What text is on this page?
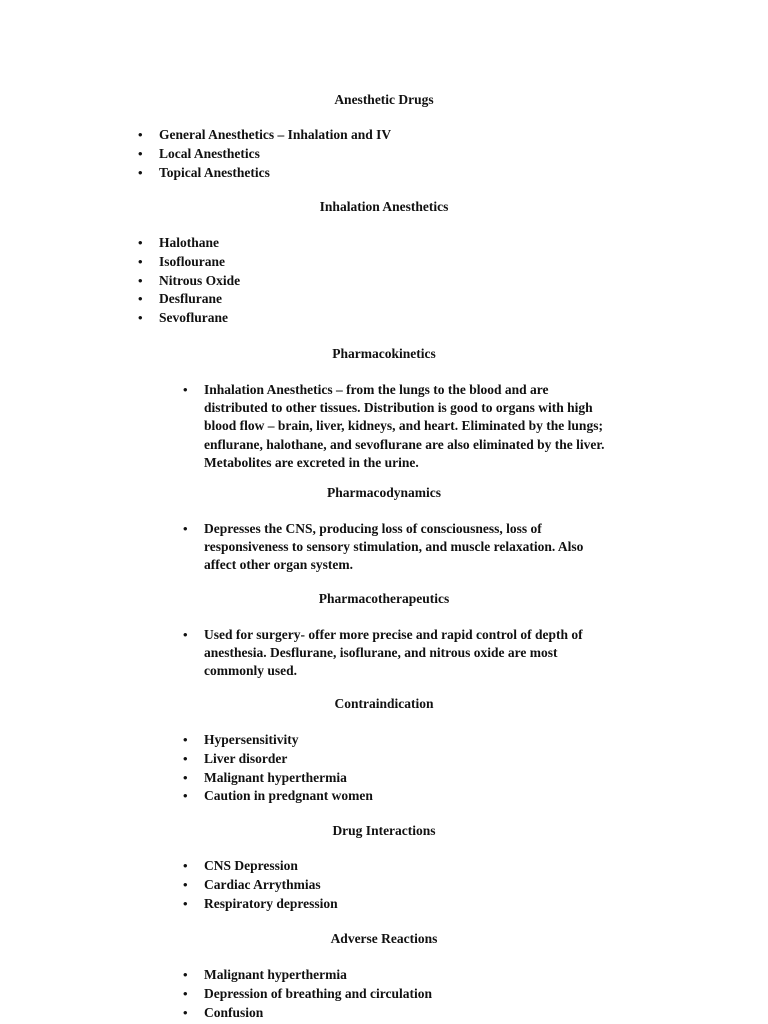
Anesthetic Drugs
• General Anesthetics – Inhalation and IV
• Local Anesthetics
• Topical Anesthetics
Inhalation Anesthetics
• Halothane
• Isoflourane
• Nitrous Oxide
• Desflurane
• Sevoflurane
Pharmacokinetics
• Inhalation Anesthetics – from the lungs to the blood and are
distributed to other tissues. Distribution is good to organs with high
blood flow – brain, liver, kidneys, and heart. Eliminated by the lungs;
enflurane, halothane, and sevoflurane are also eliminated by the liver.
Metabolites are excreted in the urine.
Pharmacodynamics
• Depresses the CNS, producing loss of consciousness, loss of
responsiveness to sensory stimulation, and muscle relaxation. Also
affect other organ system.
Pharmacotherapeutics
• Used for surgery- offer more precise and rapid control of depth of
anesthesia. Desflurane, isoflurane, and nitrous oxide are most
commonly used.
Contraindication
• Hypersensitivity
• Liver disorder
• Malignant hyperthermia
• Caution in predgnant women
Drug Interactions
• CNS Depression
• Cardiac Arrythmias
• Respiratory depression
Adverse Reactions
• Malignant hyperthermia
• Depression of breathing and circulation
• Confusion
